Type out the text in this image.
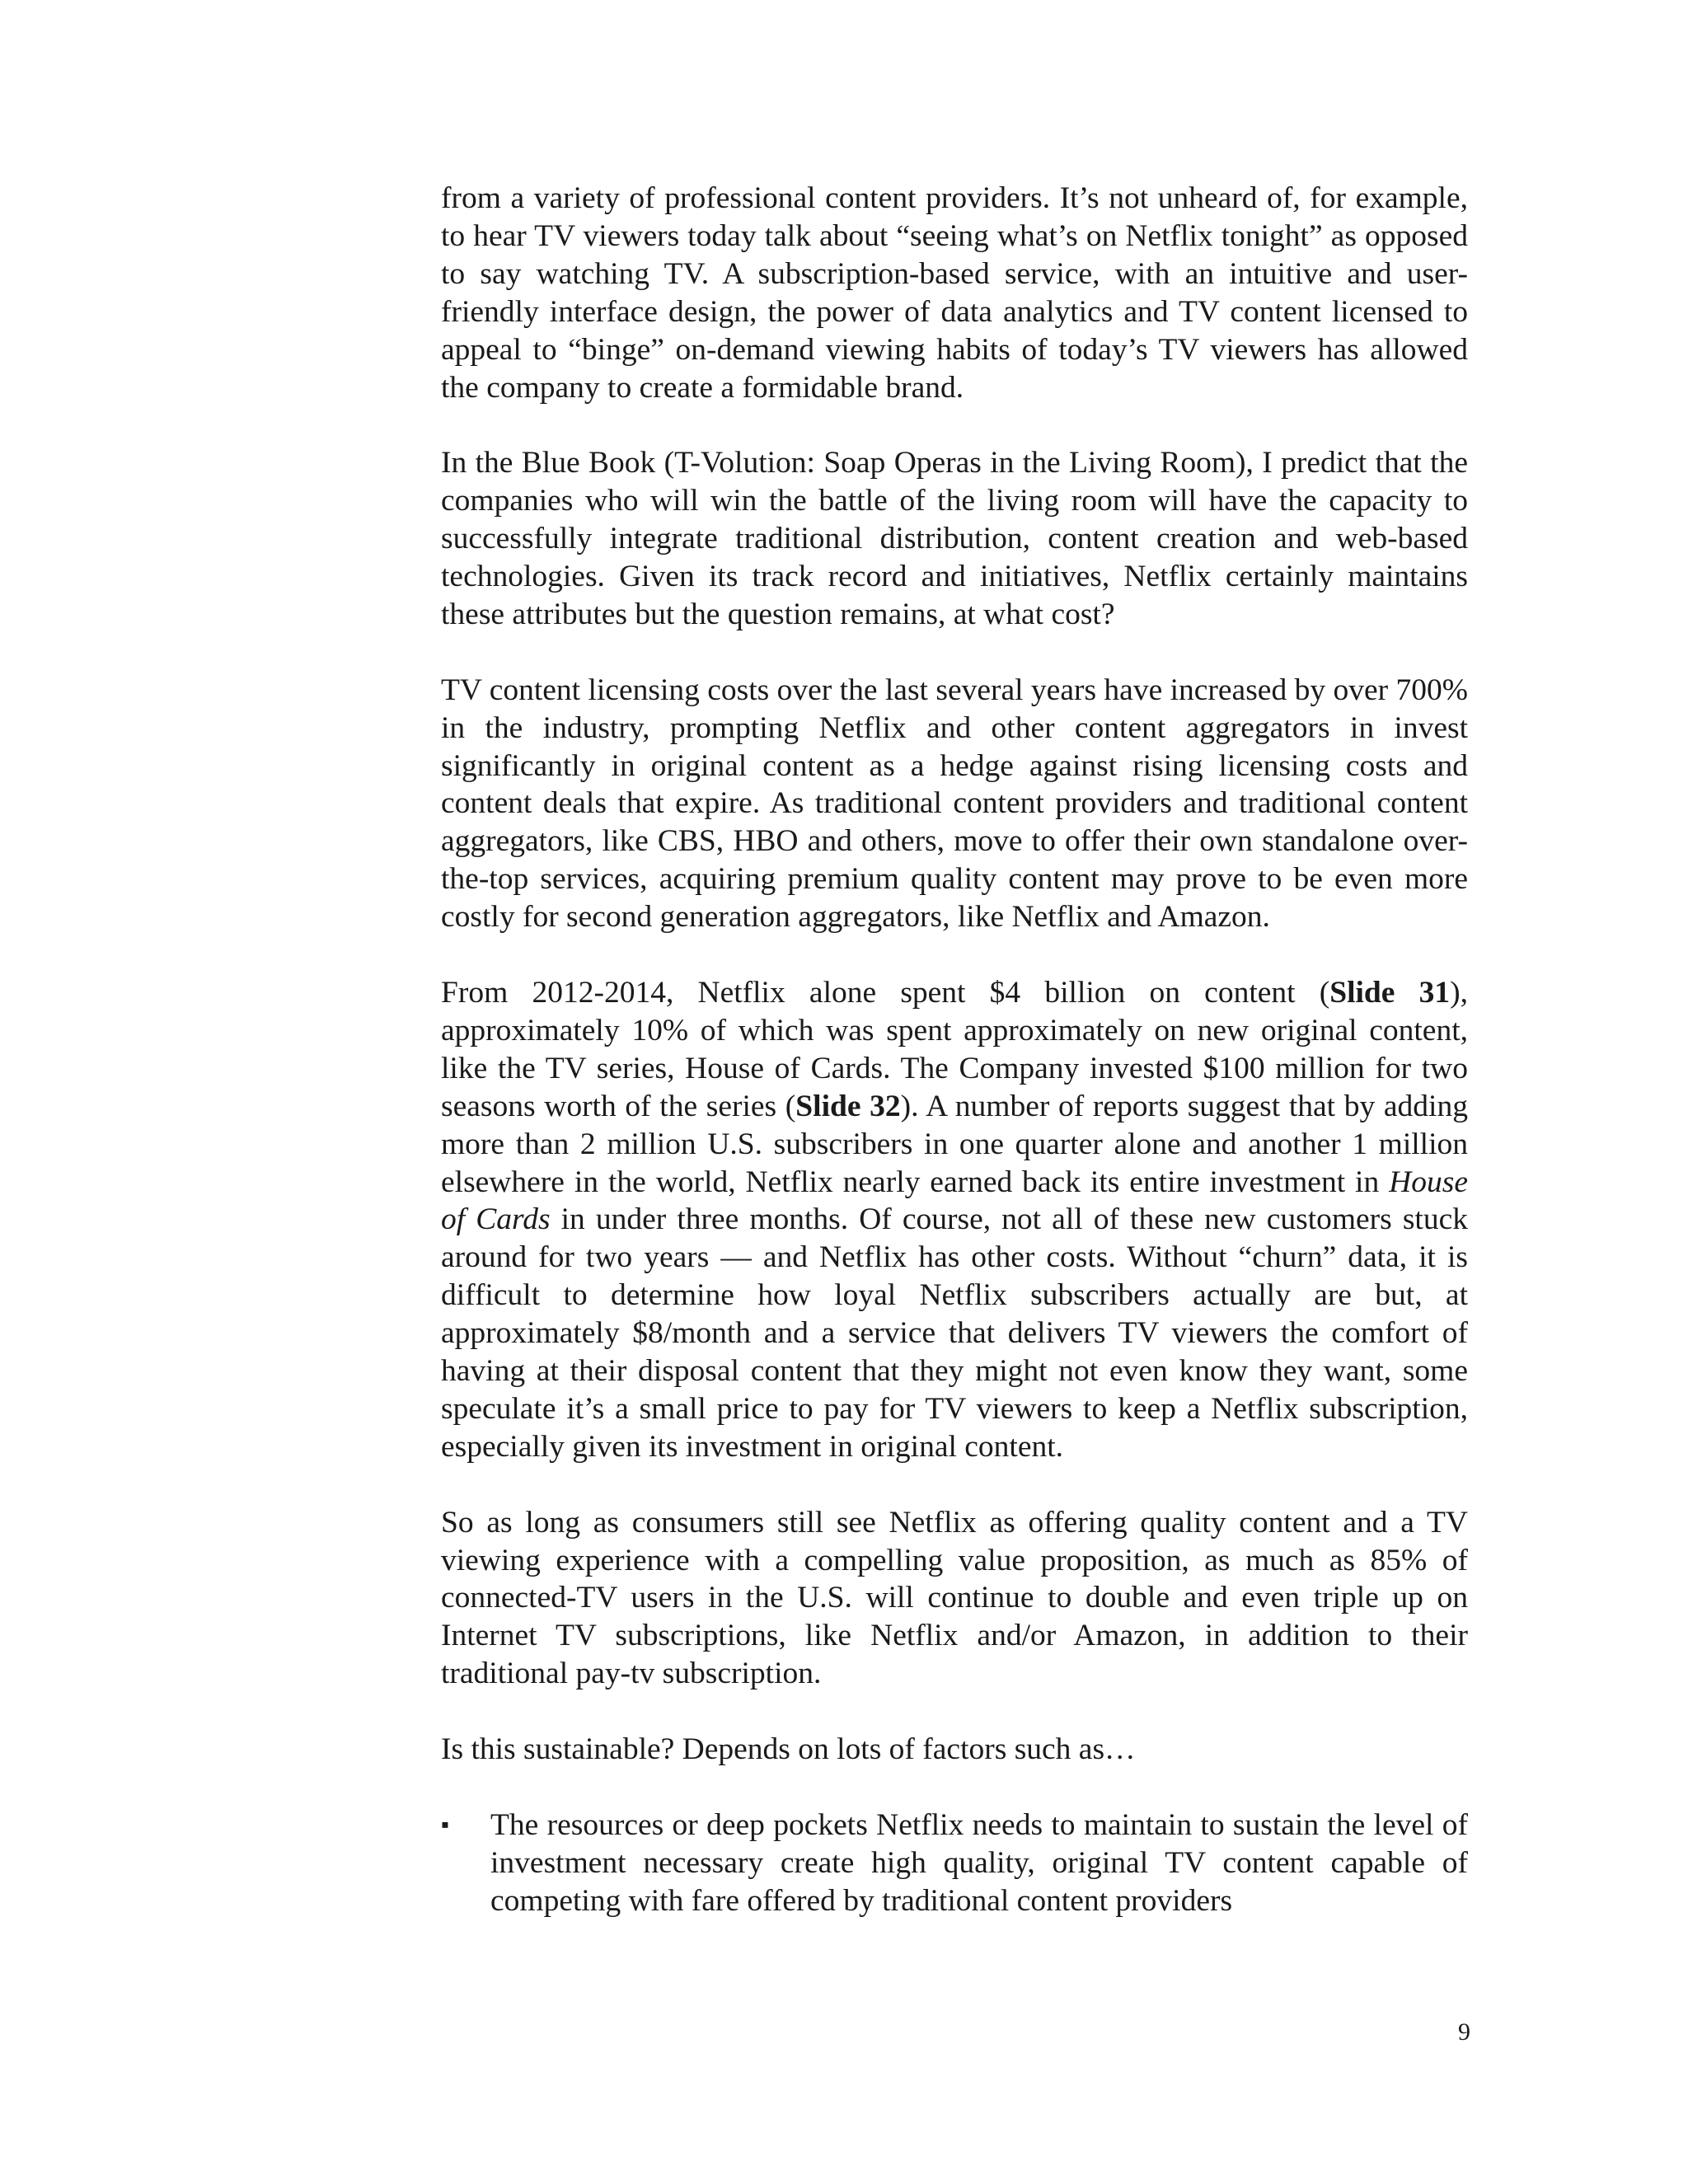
from a variety of professional content providers. It’s not unheard of, for example, to hear TV viewers today talk about “seeing what’s on Netflix tonight” as opposed to say watching TV. A subscription-based service, with an intuitive and user-friendly interface design, the power of data analytics and TV content licensed to appeal to “binge” on-demand viewing habits of today’s TV viewers has allowed the company to create a formidable brand.

In the Blue Book (T-Volution: Soap Operas in the Living Room), I predict that the companies who will win the battle of the living room will have the capacity to successfully integrate traditional distribution, content creation and web-based technologies. Given its track record and initiatives, Netflix certainly maintains these attributes but the question remains, at what cost?

TV content licensing costs over the last several years have increased by over 700% in the industry, prompting Netflix and other content aggregators in invest significantly in original content as a hedge against rising licensing costs and content deals that expire. As traditional content providers and traditional content aggregators, like CBS, HBO and others, move to offer their own standalone over-the-top services, acquiring premium quality content may prove to be even more costly for second generation aggregators, like Netflix and Amazon.

From 2012-2014, Netflix alone spent $4 billion on content (Slide 31), approximately 10% of which was spent approximately on new original content, like the TV series, House of Cards. The Company invested $100 million for two seasons worth of the series (Slide 32). A number of reports suggest that by adding more than 2 million U.S. subscribers in one quarter alone and another 1 million elsewhere in the world, Netflix nearly earned back its entire investment in House of Cards in under three months. Of course, not all of these new customers stuck around for two years — and Netflix has other costs. Without “churn” data, it is difficult to determine how loyal Netflix subscribers actually are but, at approximately $8/month and a service that delivers TV viewers the comfort of having at their disposal content that they might not even know they want, some speculate it’s a small price to pay for TV viewers to keep a Netflix subscription, especially given its investment in original content.

So as long as consumers still see Netflix as offering quality content and a TV viewing experience with a compelling value proposition, as much as 85% of connected-TV users in the U.S. will continue to double and even triple up on Internet TV subscriptions, like Netflix and/or Amazon, in addition to their traditional pay-tv subscription.

Is this sustainable? Depends on lots of factors such as…

▪	The resources or deep pockets Netflix needs to maintain to sustain the level of investment necessary create high quality, original TV content capable of competing with fare offered by traditional content providers
9
